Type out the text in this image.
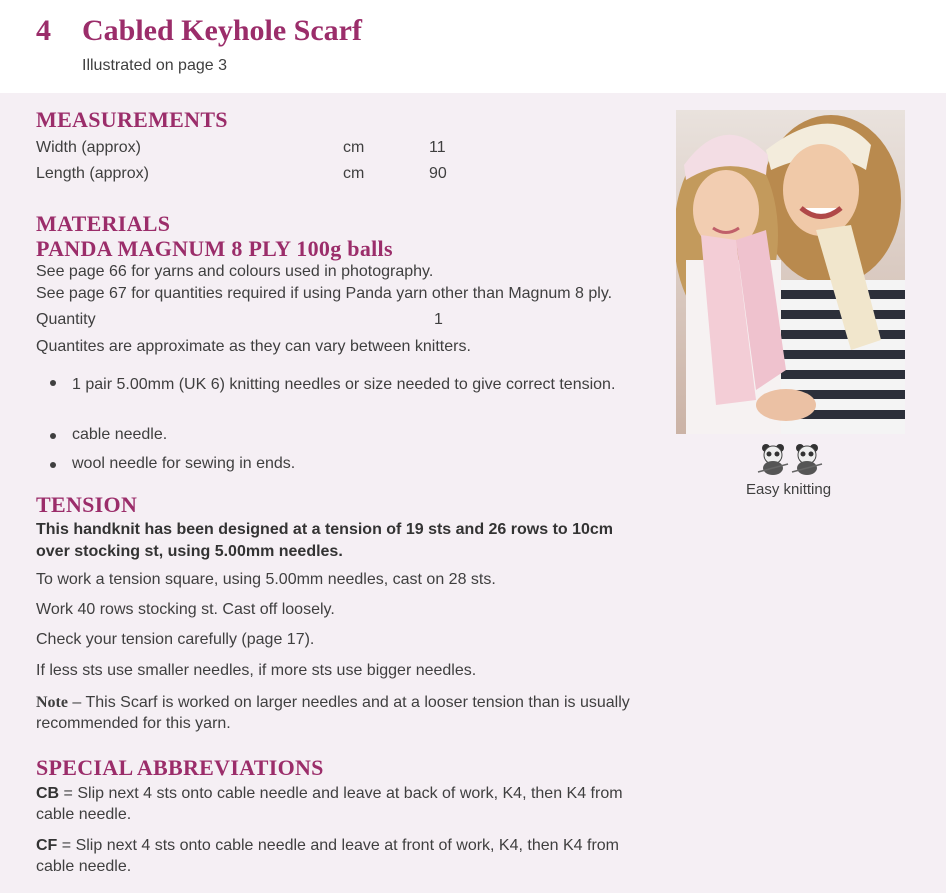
4 Cabled Keyhole Scarf
Illustrated on page 3
MEASUREMENTS
Width (approx)	cm	11
Length (approx)	cm	90
MATERIALS
PANDA MAGNUM 8 PLY 100g balls
See page 66 for yarns and colours used in photography.
See page 67 for quantities required if using Panda yarn other than Magnum 8 ply.
Quantity	1
Quantites are approximate as they can vary between knitters.
1 pair 5.00mm (UK 6) knitting needles or size needed to give correct tension.
cable needle.
wool needle for sewing in ends.
TENSION
This handknit has been designed at a tension of 19 sts and 26 rows to 10cm over stocking st, using 5.00mm needles.
To work a tension square, using 5.00mm needles, cast on 28 sts.
Work 40 rows stocking st. Cast off loosely.
Check your tension carefully (page 17).
If less sts use smaller needles, if more sts use bigger needles.
Note – This Scarf is worked on larger needles and at a looser tension than is usually recommended for this yarn.
SPECIAL ABBREVIATIONS
CB = Slip next 4 sts onto cable needle and leave at back of work, K4, then K4 from cable needle.
CF = Slip next 4 sts onto cable needle and leave at front of work, K4, then K4 from cable needle.
Easy knitting
